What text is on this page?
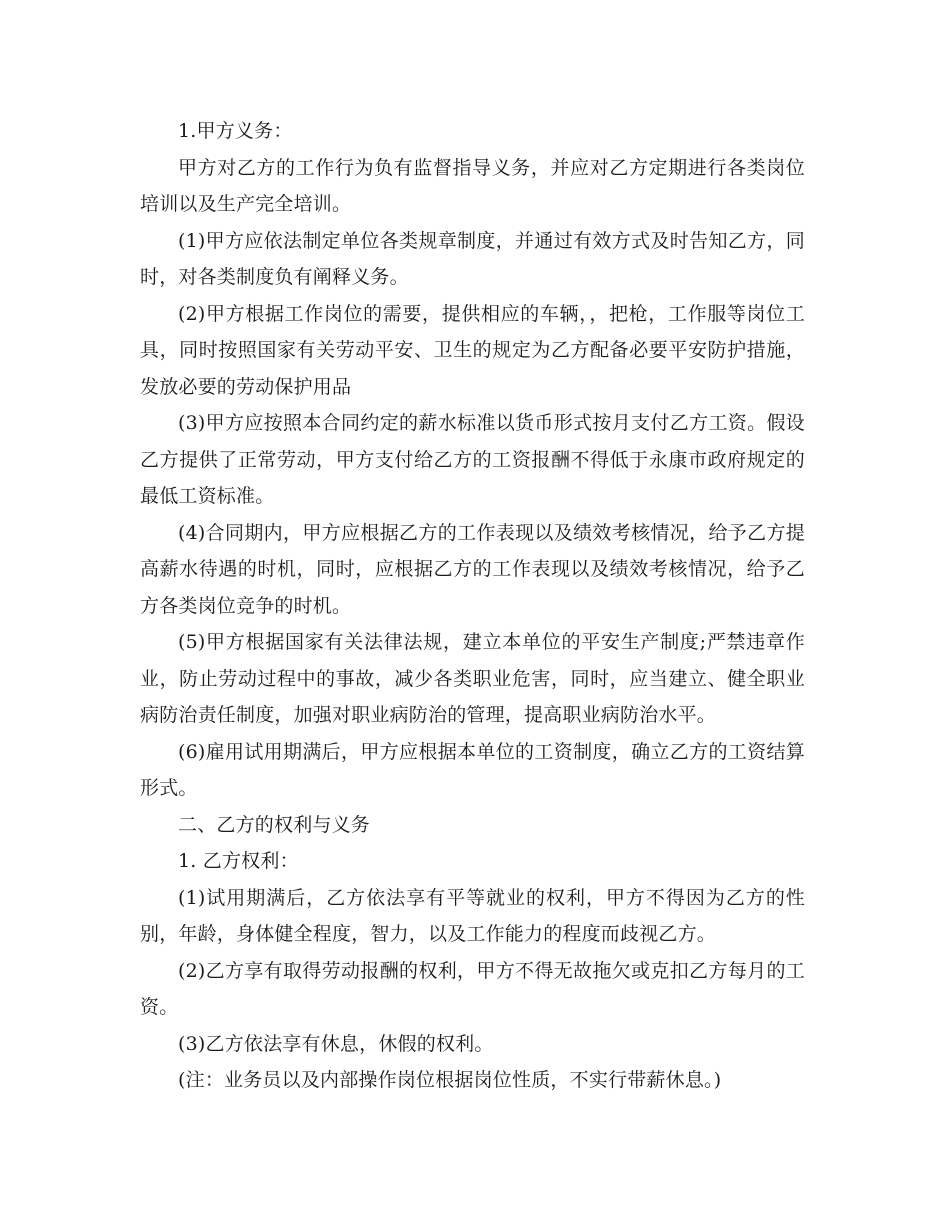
1.甲方义务：

甲方对乙方的工作行为负有监督指导义务，并应对乙方定期进行各类岗位培训以及生产完全培训。

(1)甲方应依法制定单位各类规章制度，并通过有效方式及时告知乙方，同时，对各类制度负有阐释义务。

(2)甲方根据工作岗位的需要，提供相应的车辆，，把枪，工作服等岗位工具，同时按照国家有关劳动平安、卫生的规定为乙方配备必要平安防护措施，发放必要的劳动保护用品

(3)甲方应按照本合同约定的薪水标准以货币形式按月支付乙方工资。假设乙方提供了正常劳动，甲方支付给乙方的工资报酬不得低于永康市政府规定的最低工资标准。

(4)合同期内，甲方应根据乙方的工作表现以及绩效考核情况，给予乙方提高薪水待遇的时机，同时，应根据乙方的工作表现以及绩效考核情况，给予乙方各类岗位竞争的时机。

(5)甲方根据国家有关法律法规，建立本单位的平安生产制度;严禁违章作业，防止劳动过程中的事故，减少各类职业危害，同时，应当建立、健全职业病防治责任制度，加强对职业病防治的管理，提高职业病防治水平。

(6)雇用试用期满后，甲方应根据本单位的工资制度，确立乙方的工资结算形式。

二、乙方的权利与义务

1. 乙方权利：

(1)试用期满后，乙方依法享有平等就业的权利，甲方不得因为乙方的性别，年龄，身体健全程度，智力，以及工作能力的程度而歧视乙方。

(2)乙方享有取得劳动报酬的权利，甲方不得无故拖欠或克扣乙方每月的工资。

(3)乙方依法享有休息，休假的权利。

(注：业务员以及内部操作岗位根据岗位性质，不实行带薪休息。)
